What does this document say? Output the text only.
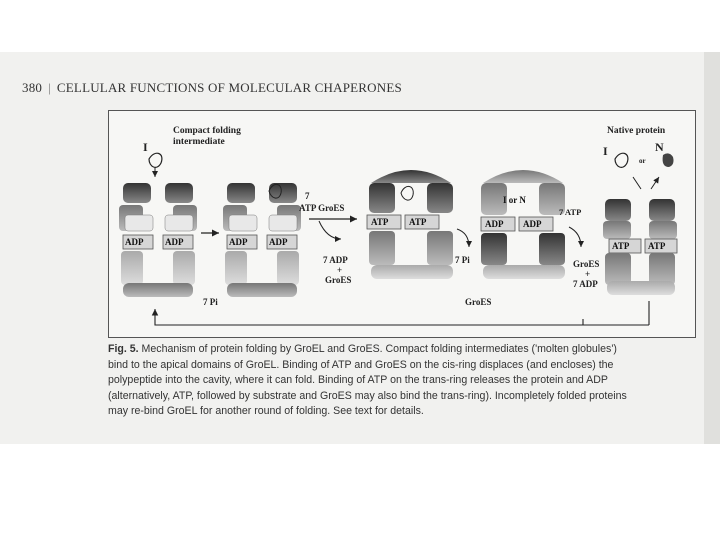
380 | CELLULAR FUNCTIONS OF MOLECULAR CHAPERONES
ADP ADP	ADP ADP
ATP ATP
I or N
ADP ADP
ATP ATP
Compact folding
intermediate
I
Native protein
I
or
N
7
ATP GroES
7 ADP
+
GroES
7 Pi
7 ATP
GroES
+
7 ADP
7 Pi	GroES

Fig. 5. Mechanism of protein folding by GroEL and GroES. Compact folding intermediates ('molten globules')

bind to the apical domains of GroEL. Binding of ATP and GroES on the cis-ring displaces (and encloses) the

polypeptide into the cavity, where it can fold. Binding of ATP on the trans-ring releases the protein and ADP

(alternatively, ATP, followed by substrate and GroES may also bind the trans-ring). Incompletely folded proteins

may re-bind GroEL for another round of folding. See text for details.
